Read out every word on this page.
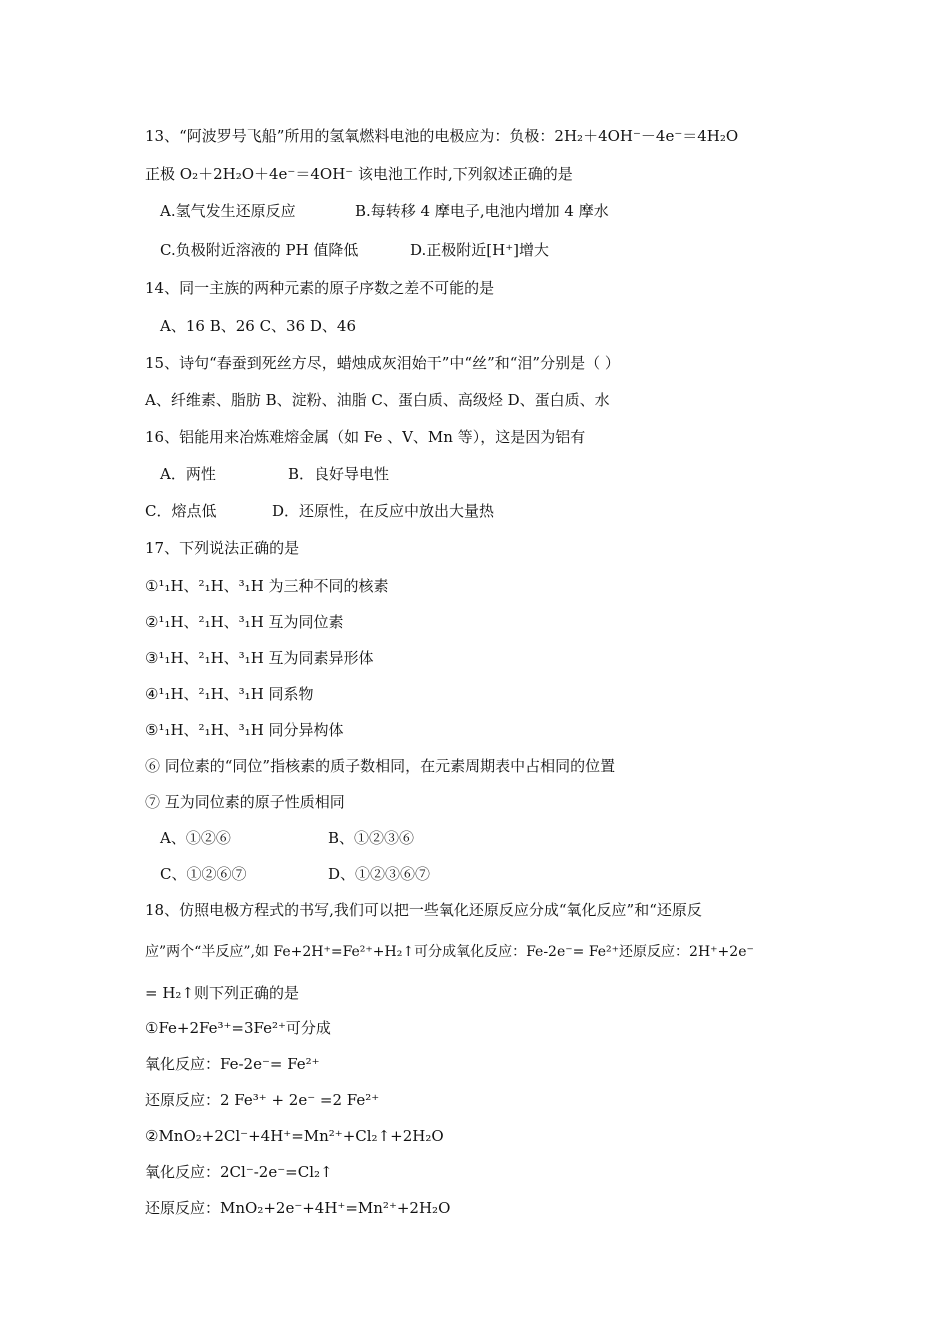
13、“阿波罗号飞船”所用的氢氧燃料电池的电极应为：负极：2H₂＋4OH⁻－4e⁻＝4H₂O
正极 O₂＋2H₂O＋4e⁻＝4OH⁻ 该电池工作时,下列叙述正确的是
A.氢气发生还原反应	B.每转移 4 摩电子,电池内增加 4 摩水
C.负极附近溶液的 PH 值降低	D.正极附近[H⁺]增大
14、同一主族的两种元素的原子序数之差不可能的是
A、16 B、26 C、36 D、46
15、诗句“春蚕到死丝方尽，蜡烛成灰泪始干”中“丝”和“泪”分别是（ ）
A、纤维素、脂肪 B、淀粉、油脂 C、蛋白质、高级烃 D、蛋白质、水
16、铝能用来冶炼难熔金属（如 Fe 、V、Mn 等），这是因为铝有
A．两性	B．良好导电性
C．熔点低	D．还原性，在反应中放出大量热
17、下列说法正确的是
①¹₁H、²₁H、³₁H 为三种不同的核素
②¹₁H、²₁H、³₁H 互为同位素
③¹₁H、²₁H、³₁H 互为同素异形体
④¹₁H、²₁H、³₁H 同系物
⑤¹₁H、²₁H、³₁H 同分异构体
⑥ 同位素的“同位”指核素的质子数相同，在元素周期表中占相同的位置
⑦ 互为同位素的原子性质相同
A、①②⑥	B、①②③⑥
C、①②⑥⑦	D、①②③⑥⑦
18、仿照电极方程式的书写,我们可以把一些氧化还原反应分成“氧化反应”和“还原反
应”两个“半反应”,如 Fe+2H⁺=Fe²⁺+H₂↑可分成氧化反应：Fe-2e⁻= Fe²⁺还原反应：2H⁺+2e⁻
= H₂↑则下列正确的是
①Fe+2Fe³⁺=3Fe²⁺可分成
氧化反应：Fe-2e⁻= Fe²⁺
还原反应：2 Fe³⁺ + 2e⁻ =2 Fe²⁺
②MnO₂+2Cl⁻+4H⁺=Mn²⁺+Cl₂↑+2H₂O
氧化反应：2Cl⁻-2e⁻=Cl₂↑
还原反应：MnO₂+2e⁻+4H⁺=Mn²⁺+2H₂O
